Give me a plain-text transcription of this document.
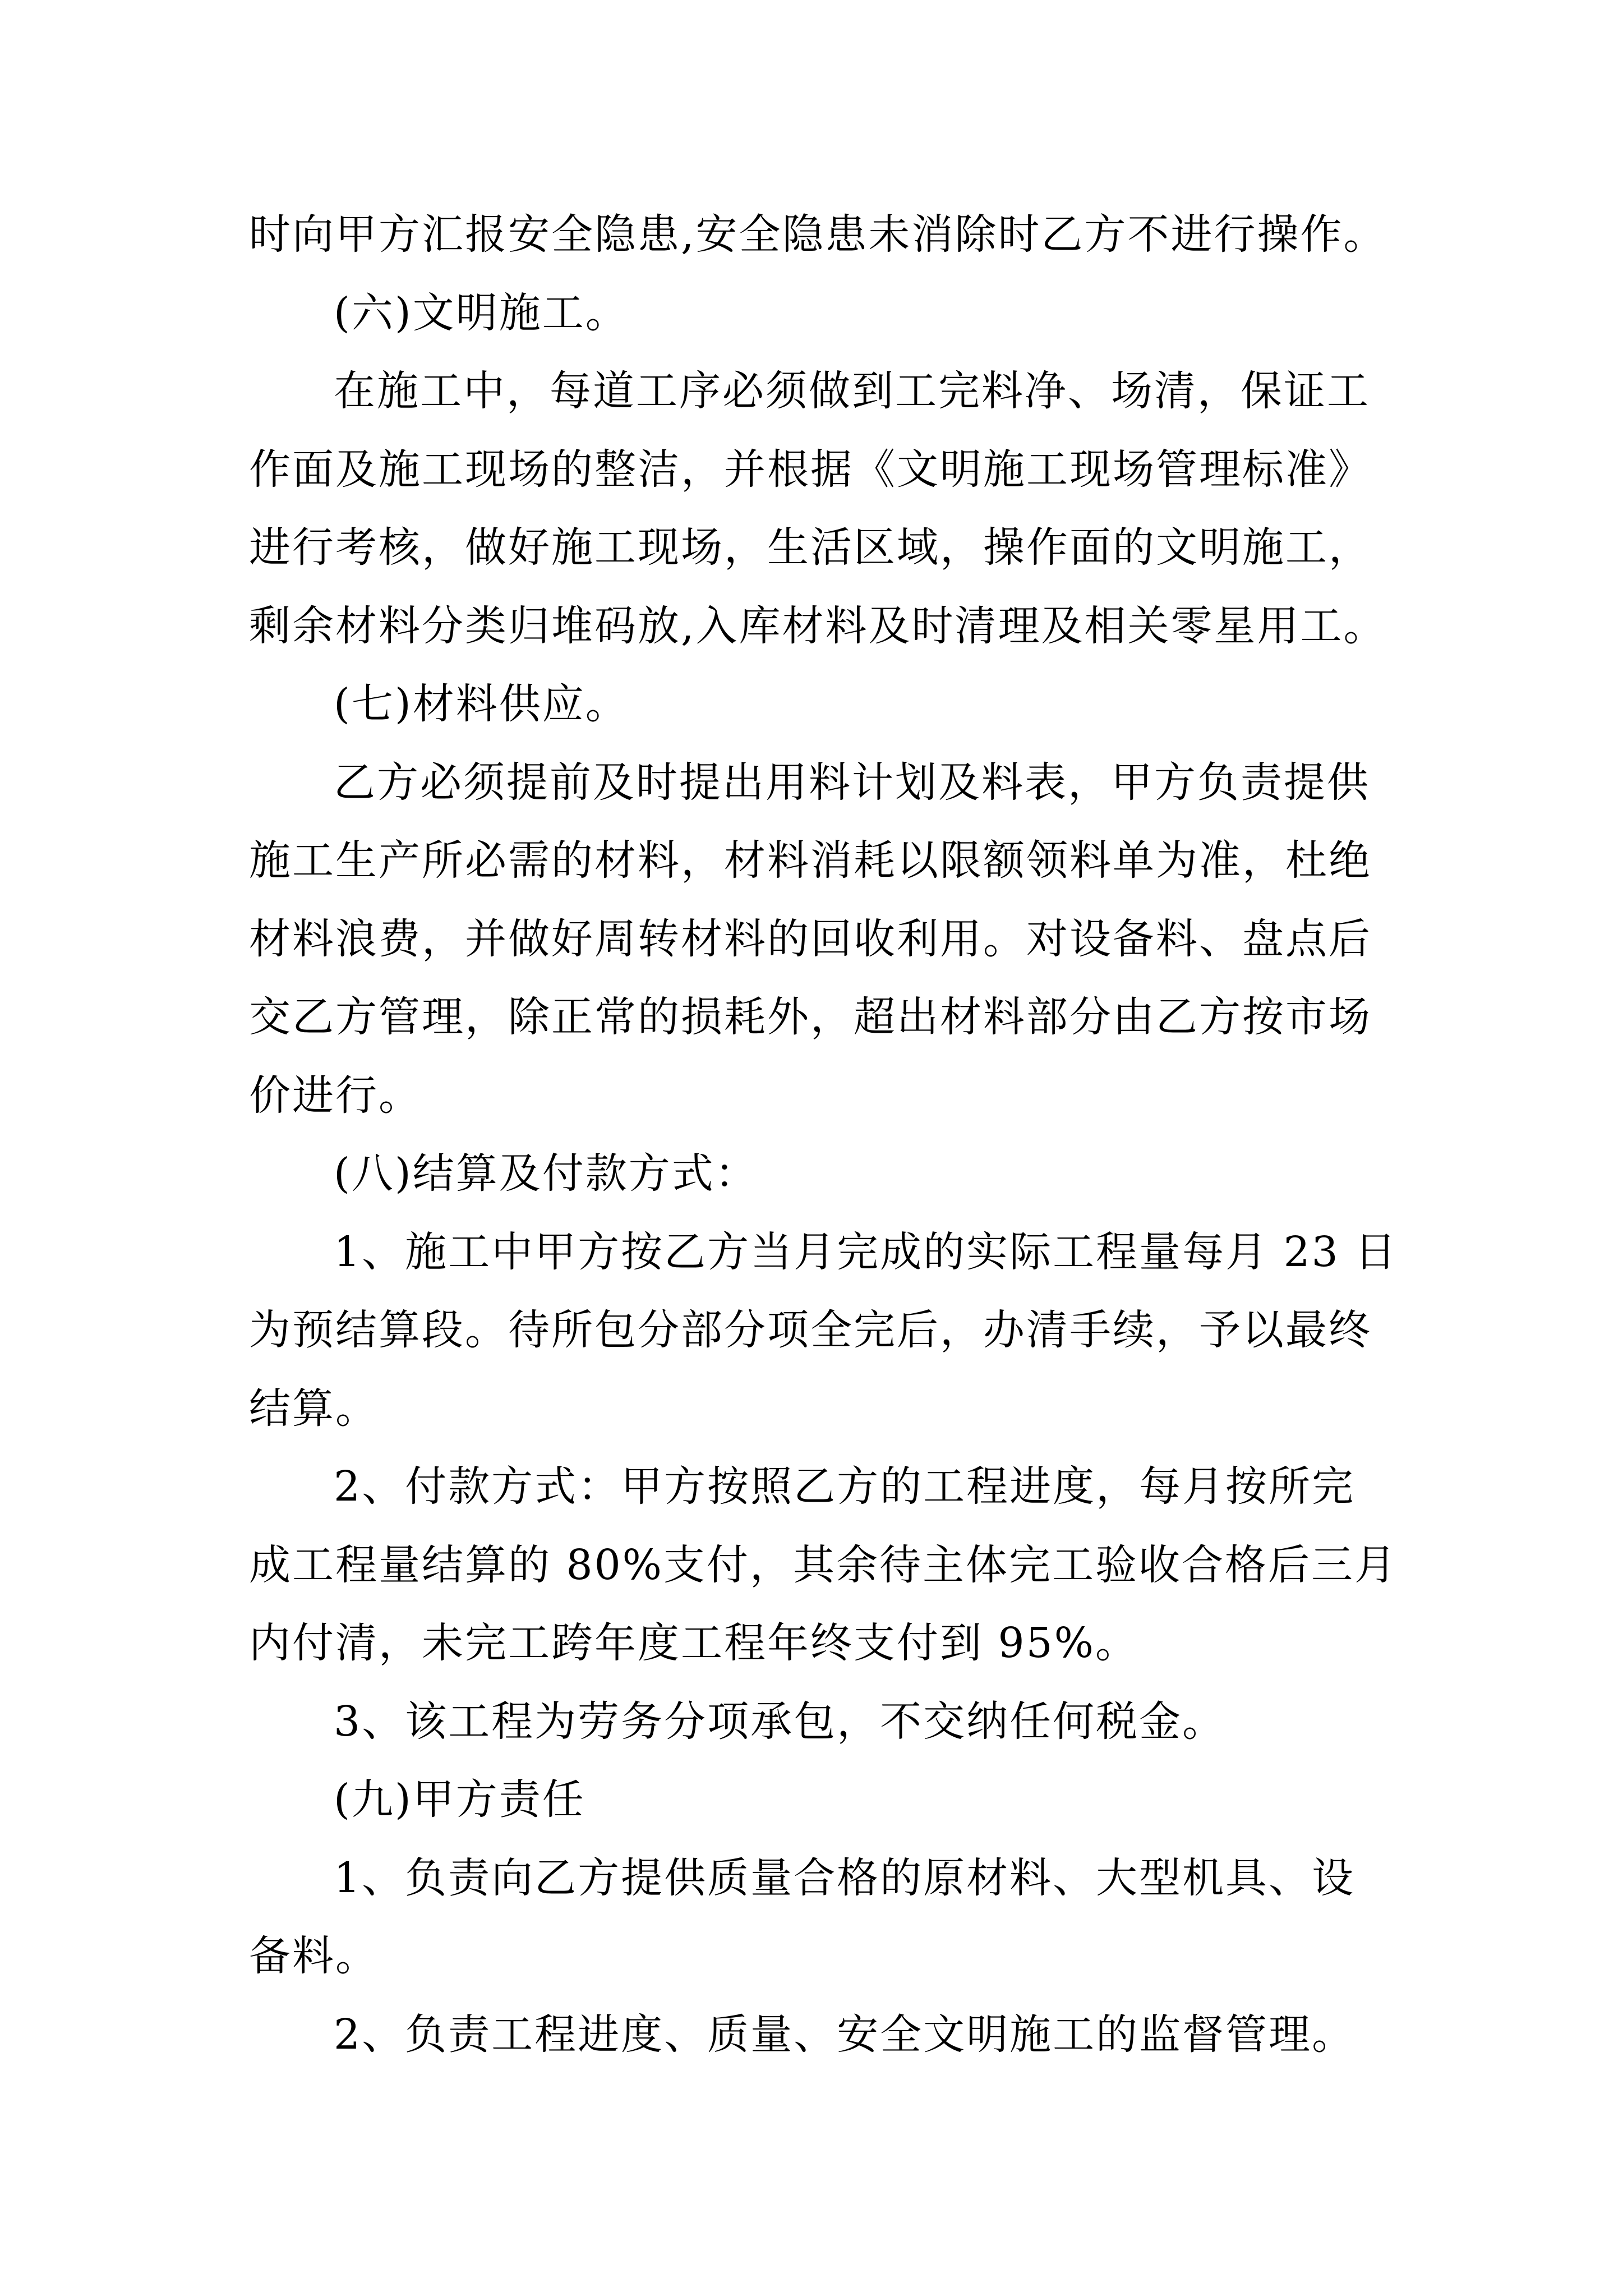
时向甲方汇报安全隐患,安全隐患未消除时乙方不进行操作。
(六)文明施工。
在施工中，每道工序必须做到工完料净、场清，保证工
作面及施工现场的整洁，并根据《文明施工现场管理标准》
进行考核，做好施工现场，生活区域，操作面的文明施工，
剩余材料分类归堆码放,入库材料及时清理及相关零星用工。
(七)材料供应。
乙方必须提前及时提出用料计划及料表，甲方负责提供
施工生产所必需的材料，材料消耗以限额领料单为准，杜绝
材料浪费，并做好周转材料的回收利用。对设备料、盘点后
交乙方管理，除正常的损耗外，超出材料部分由乙方按市场
价进行。
(八)结算及付款方式：
1、施工中甲方按乙方当月完成的实际工程量每月 23 日
为预结算段。待所包分部分项全完后，办清手续，予以最终
结算。
2、付款方式：甲方按照乙方的工程进度，每月按所完
成工程量结算的 80%支付，其余待主体完工验收合格后三月
内付清，未完工跨年度工程年终支付到 95%。
3、该工程为劳务分项承包，不交纳任何税金。
(九)甲方责任
1、负责向乙方提供质量合格的原材料、大型机具、设
备料。
2、负责工程进度、质量、安全文明施工的监督管理。
